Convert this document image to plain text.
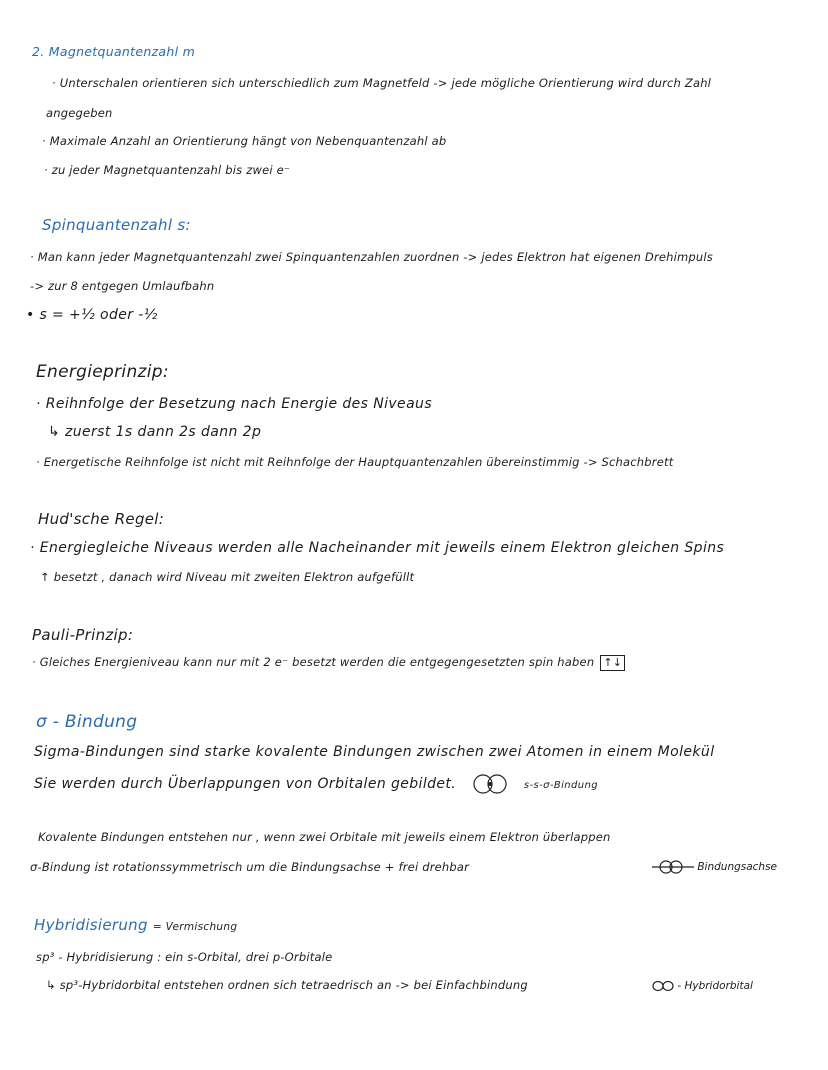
2. Magnetquantenzahl m
· Unterschalen orientieren sich unterschiedlich zum Magnetfeld -> jede mögliche Orientierung wird durch Zahl
angegeben
· Maximale Anzahl an Orientierung hängt von Nebenquantenzahl ab
· zu jeder Magnetquantenzahl bis zwei e⁻
Spinquantenzahl s:
· Man kann jeder Magnetquantenzahl zwei Spinquantenzahlen zuordnen -> jedes Elektron hat eigenen Drehimpuls
-> zur 8 entgegen Umlaufbahn
• s = +½ oder -½
Energieprinzip:
· Reihnfolge der Besetzung nach Energie des Niveaus
↳ zuerst 1s dann 2s dann 2p
· Energetische Reihnfolge ist nicht mit Reihnfolge der Hauptquantenzahlen übereinstimmig -> Schachbrett
Hud'sche Regel:
· Energiegleiche Niveaus werden alle Nacheinander mit jeweils einem Elektron gleichen Spins
↑ besetzt , danach wird Niveau mit zweiten Elektron aufgefüllt
Pauli-Prinzip:
· Gleiches Energieniveau kann nur mit 2 e⁻ besetzt werden die entgegengesetzten spin haben ↑↓
σ - Bindung
Sigma-Bindungen sind starke kovalente Bindungen zwischen zwei Atomen in einem Molekül
Sie werden durch Überlappungen von Orbitalen gebildet.	s-s-σ-Bindung
Kovalente Bindungen entstehen nur , wenn zwei Orbitale mit jeweils einem Elektron überlappen
σ-Bindung ist rotationssymmetrisch um die Bindungsachse + frei drehbar	Bindungsachse
Hybridisierung = Vermischung
sp³ - Hybridisierung : ein s-Orbital, drei p-Orbitale
↳ sp³-Hybridorbital entstehen ordnen sich tetraedrisch an -> bei Einfachbindung	- Hybridorbital
